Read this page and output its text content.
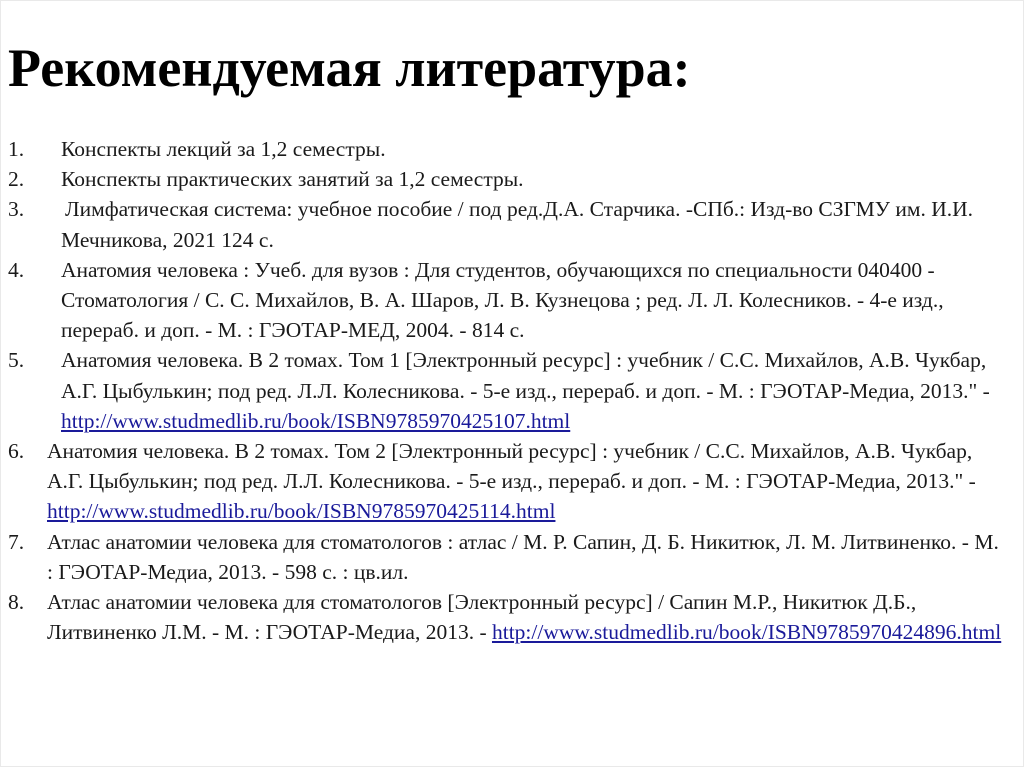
Рекомендуемая литература:
1. Конспекты лекций за 1,2 семестры.
2. Конспекты практических занятий за 1,2 семестры.
3. Лимфатическая система: учебное пособие / под ред.Д.А. Старчика. -СПб.: Изд-во СЗГМУ им. И.И. Мечникова, 2021 124 с.
4. Анатомия человека : Учеб. для вузов : Для студентов, обучающихся по специальности 040400 - Стоматология / С. С. Михайлов, В. А. Шаров, Л. В. Кузнецова ; ред. Л. Л. Колесников. - 4-е изд., перераб. и доп. - М. : ГЭОТАР-МЕД, 2004. - 814 с.
5. Анатомия человека. В 2 томах. Том 1 [Электронный ресурс] : учебник / С.С. Михайлов, А.В. Чукбар, А.Г. Цыбулькин; под ред. Л.Л. Колесникова. - 5-е изд., перераб. и доп. - М. : ГЭОТАР-Медиа, 2013." - http://www.studmedlib.ru/book/ISBN9785970425107.html
6. Анатомия человека. В 2 томах. Том 2 [Электронный ресурс] : учебник / С.С. Михайлов, А.В. Чукбар, А.Г. Цыбулькин; под ред. Л.Л. Колесникова. - 5-е изд., перераб. и доп. - М. : ГЭОТАР-Медиа, 2013." - http://www.studmedlib.ru/book/ISBN9785970425114.html
7. Атлас анатомии человека для стоматологов : атлас / М. Р. Сапин, Д. Б. Никитюк, Л. М. Литвиненко. - М. : ГЭОТАР-Медиа, 2013. - 598 с. : цв.ил.
8. Атлас анатомии человека для стоматологов [Электронный ресурс] / Сапин М.Р., Никитюк Д.Б., Литвиненко Л.М. - М. : ГЭОТАР-Медиа, 2013. - http://www.studmedlib.ru/book/ISBN9785970424896.html
